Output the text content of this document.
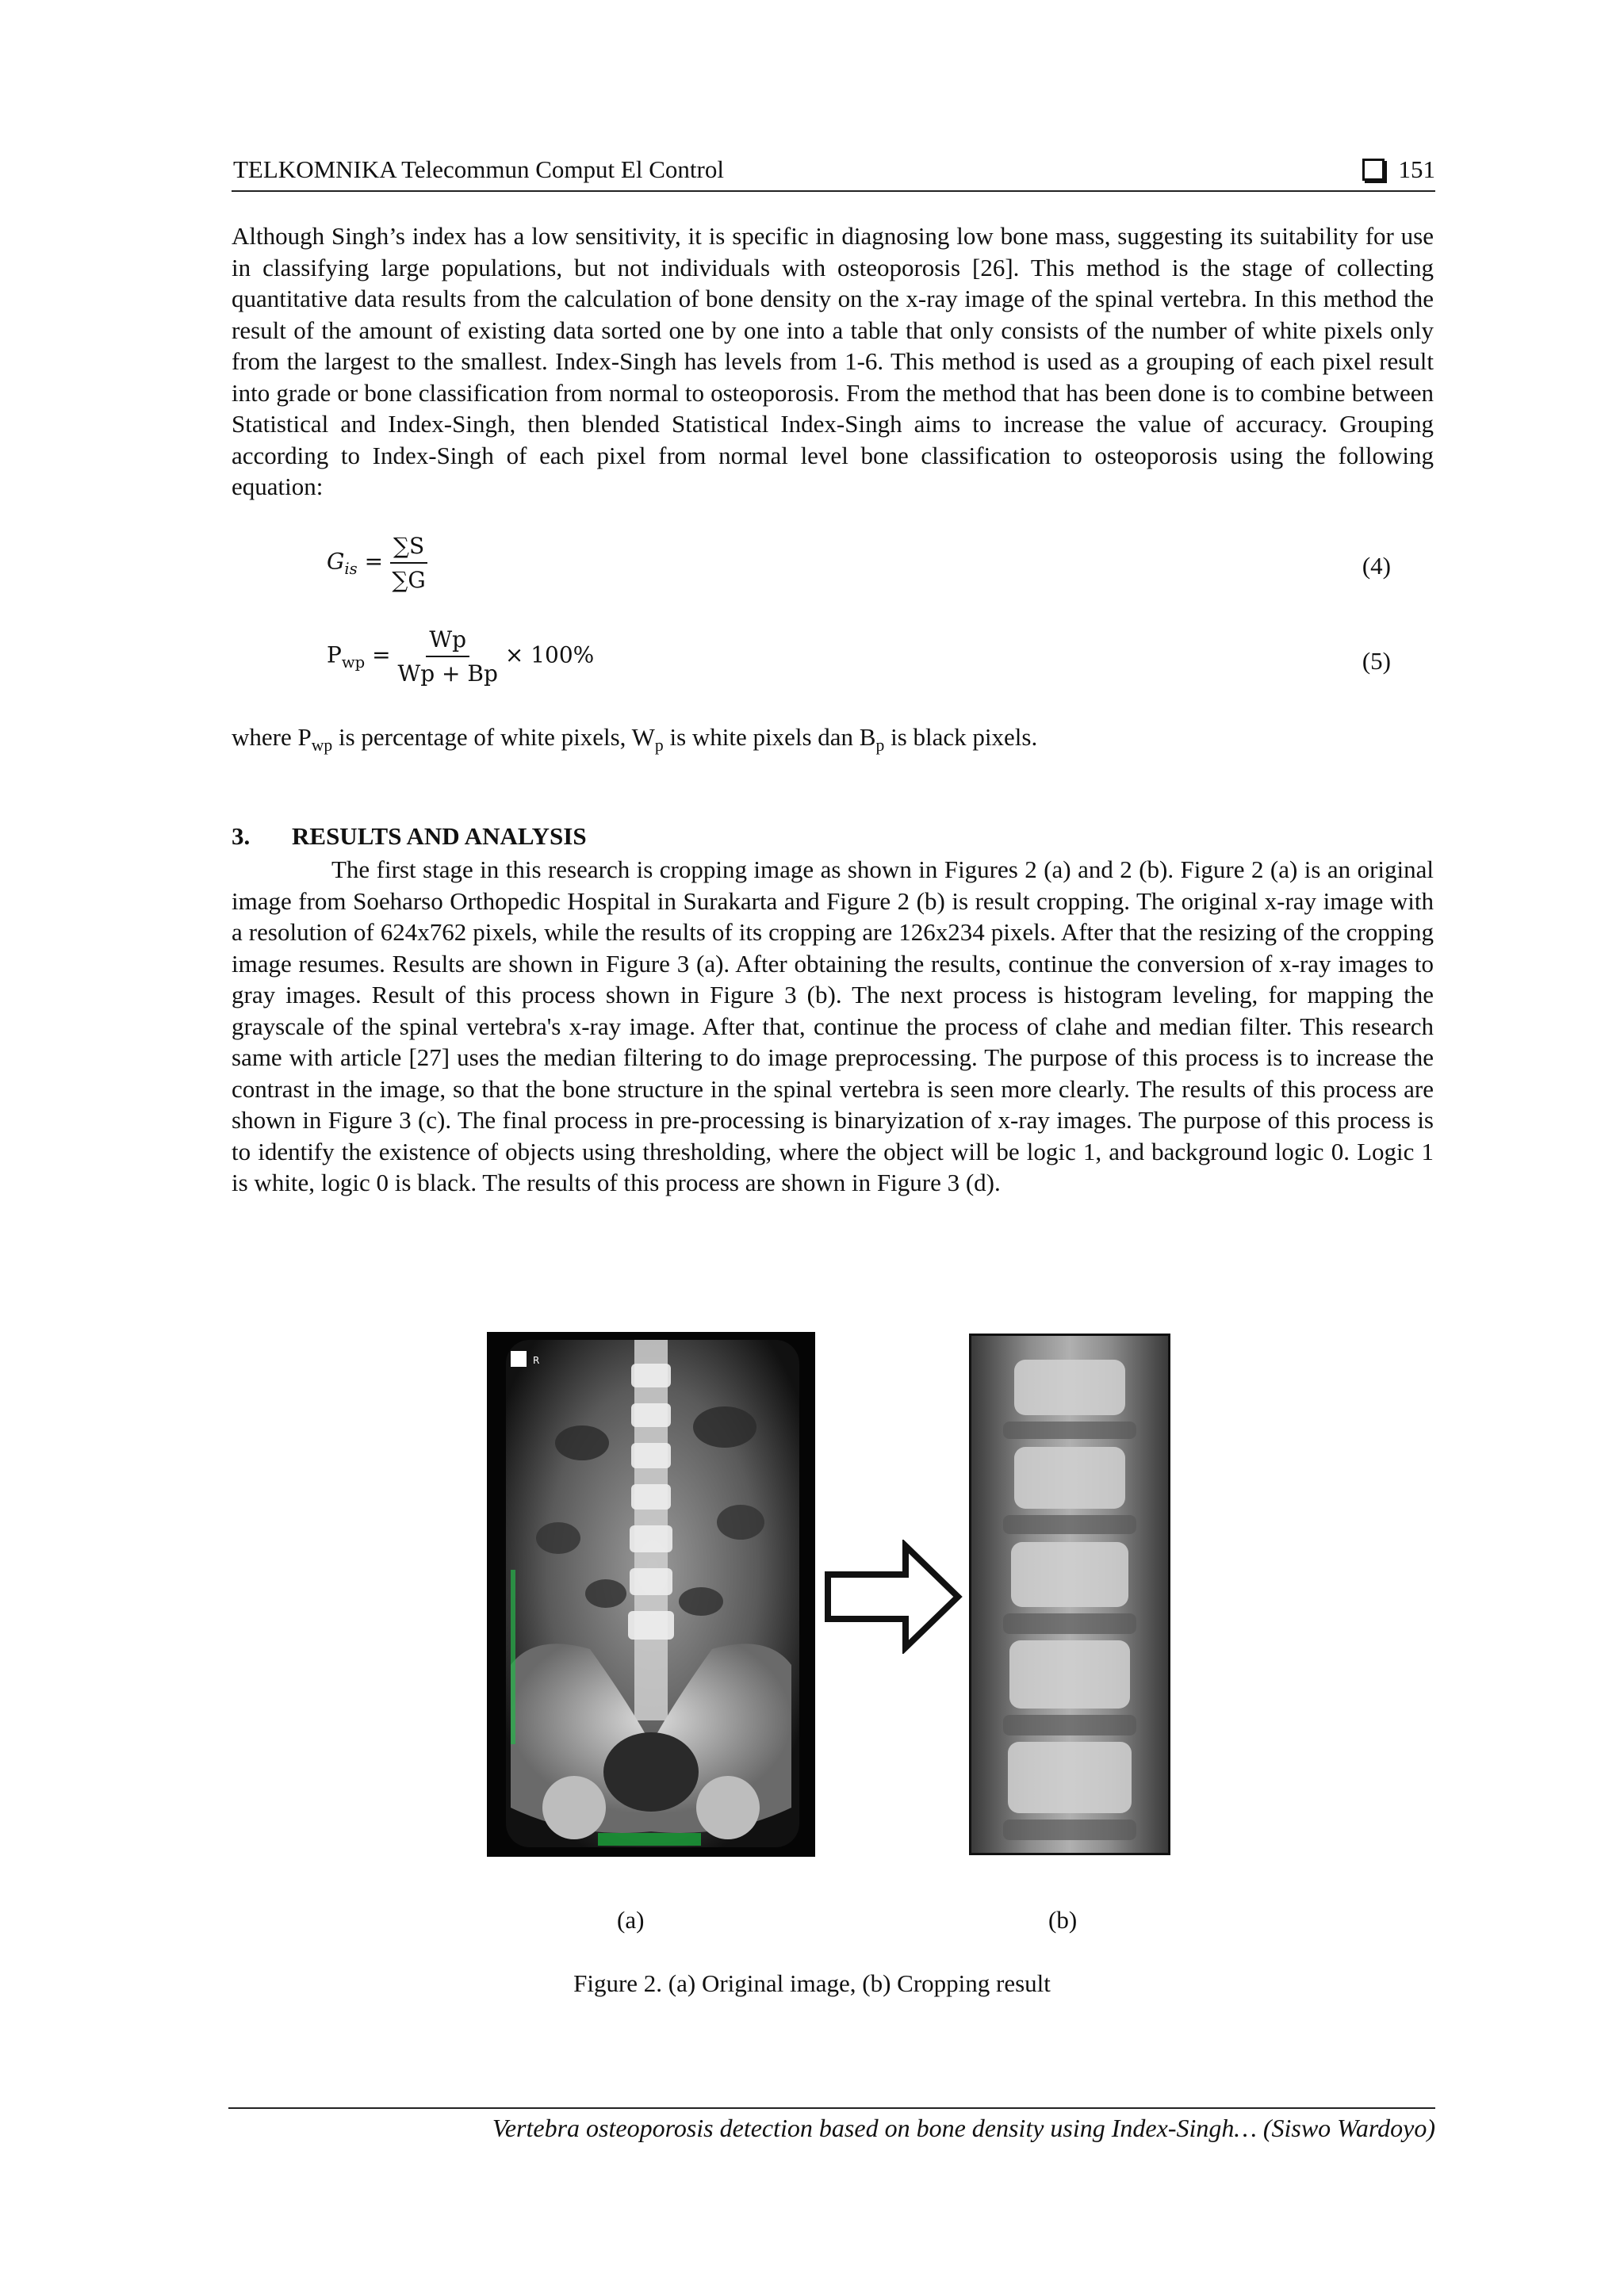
TELKOMNIKA Telecommun Comput El Control	151

Although Singh’s index has a low sensitivity, it is specific in diagnosing low bone mass, suggesting its suitability for use in classifying large populations, but not individuals with osteoporosis [26]. This method is the stage of collecting quantitative data results from the calculation of bone density on the x-ray image of the spinal vertebra. In this method the result of the amount of existing data sorted one by one into a table that only consists of the number of white pixels only from the largest to the smallest. Index-Singh has levels from 1-6. This method is used as a grouping of each pixel result into grade or bone classification from normal to osteoporosis. From the method that has been done is to combine between Statistical and Index-Singh, then blended Statistical Index-Singh aims to increase the value of accuracy. Grouping according to Index-Singh of each pixel from normal level bone classification to osteoporosis using the following equation:

$G_{is} = \frac{\sum S}{\sum G}$	(4)
$P_{wp} = \frac{Wp}{Wp + Bp} \times 100\%$	(5)
where $P_{wp}$ is percentage of white pixels, $W_p$ is white pixels dan $B_p$ is black pixels.
3. RESULTS AND ANALYSIS

The first stage in this research is cropping image as shown in Figures 2 (a) and 2 (b). Figure 2 (a) is an original image from Soeharso Orthopedic Hospital in Surakarta and Figure 2 (b) is result cropping. The original x-ray image with a resolution of 624x762 pixels, while the results of its cropping are 126x234 pixels. After that the resizing of the cropping image resumes. Results are shown in Figure 3 (a). After obtaining the results, continue the conversion of x-ray images to gray images. Result of this process shown in Figure 3 (b). The next process is histogram leveling, for mapping the grayscale of the spinal vertebra's x-ray image. After that, continue the process of clahe and median filter. This research same with article [27] uses the median filtering to do image preprocessing. The purpose of this process is to increase the contrast in the image, so that the bone structure in the spinal vertebra is seen more clearly. The results of this process are shown in Figure 3 (c). The final process in pre-processing is binaryization of x-ray images. The purpose of this process is to identify the existence of objects using thresholding, where the object will be logic 1, and background logic 0. Logic 1 is white, logic 0 is black. The results of this process are shown in Figure 3 (d).

R
(a)	(b)
Figure 2. (a) Original image, (b) Cropping result
Vertebra osteoporosis detection based on bone density using Index-Singh… (Siswo Wardoyo)
